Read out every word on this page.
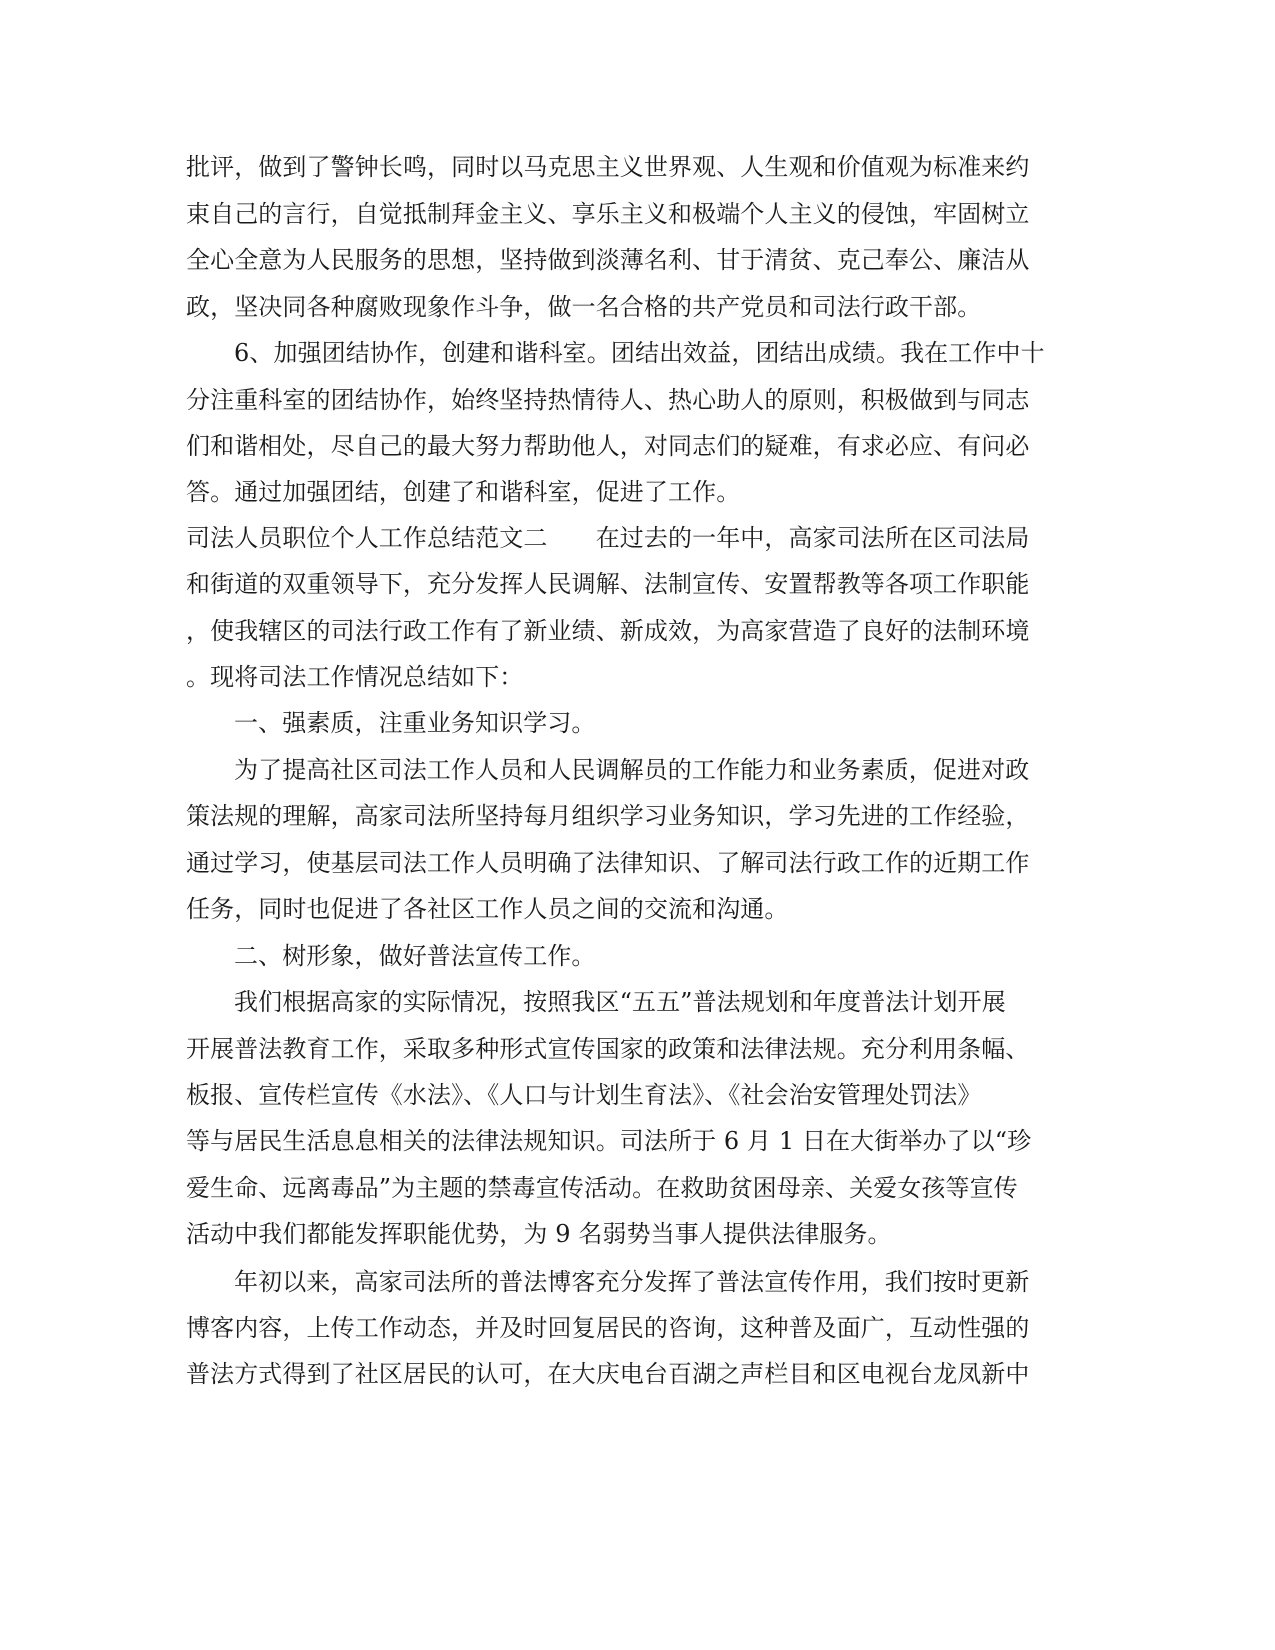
批评，做到了警钟长鸣，同时以马克思主义世界观、人生观和价值观为标准来约
束自己的言行，自觉抵制拜金主义、享乐主义和极端个人主义的侵蚀，牢固树立
全心全意为人民服务的思想，坚持做到淡薄名利、甘于清贫、克己奉公、廉洁从
政，坚决同各种腐败现象作斗争，做一名合格的共产党员和司法行政干部。
6、加强团结协作，创建和谐科室。团结出效益，团结出成绩。我在工作中十
分注重科室的团结协作，始终坚持热情待人、热心助人的原则，积极做到与同志
们和谐相处，尽自己的最大努力帮助他人，对同志们的疑难，有求必应、有问必
答。通过加强团结，创建了和谐科室，促进了工作。
司法人员职位个人工作总结范文二　　在过去的一年中，高家司法所在区司法局
和街道的双重领导下，充分发挥人民调解、法制宣传、安置帮教等各项工作职能
，使我辖区的司法行政工作有了新业绩、新成效，为高家营造了良好的法制环境
。现将司法工作情况总结如下：
一、强素质，注重业务知识学习。
为了提高社区司法工作人员和人民调解员的工作能力和业务素质，促进对政
策法规的理解，高家司法所坚持每月组织学习业务知识，学习先进的工作经验，
通过学习，使基层司法工作人员明确了法律知识、了解司法行政工作的近期工作
任务，同时也促进了各社区工作人员之间的交流和沟通。
二、树形象，做好普法宣传工作。
我们根据高家的实际情况，按照我区“五五”普法规划和年度普法计划开展
开展普法教育工作，采取多种形式宣传国家的政策和法律法规。充分利用条幅、
板报、宣传栏宣传《水法》、《人口与计划生育法》、《社会治安管理处罚法》
等与居民生活息息相关的法律法规知识。司法所于 6 月 1 日在大街举办了以“珍
爱生命、远离毒品”为主题的禁毒宣传活动。在救助贫困母亲、关爱女孩等宣传
活动中我们都能发挥职能优势，为 9 名弱势当事人提供法律服务。
年初以来，高家司法所的普法博客充分发挥了普法宣传作用，我们按时更新
博客内容，上传工作动态，并及时回复居民的咨询，这种普及面广，互动性强的
普法方式得到了社区居民的认可，在大庆电台百湖之声栏目和区电视台龙凤新中
